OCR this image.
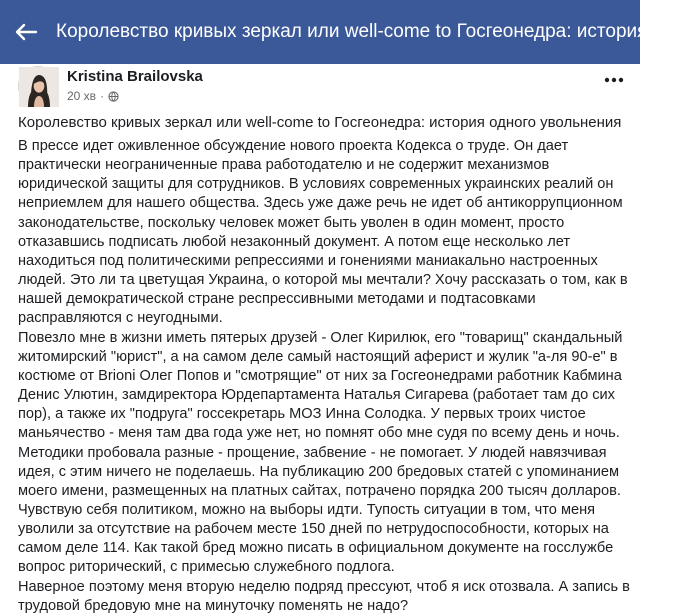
Королевство кривых зеркал или well-come to Госгеонедра: история од...
Kristina Brailovska
20 хв ·
Королевство кривых зеркал или well-come to Госгеонедра: история одного увольнения

В прессе идет оживленное обсуждение нового проекта Кодекса о труде. Он дает практически неограниченные права работодателю и не содержит механизмов юридической защиты для сотрудников. В условиях современных украинских реалий он неприемлем для нашего общества. Здесь уже даже речь не идет об антикоррупционном законодательстве, поскольку человек может быть уволен в один момент, просто отказавшись подписать любой незаконный документ. А потом еще несколько лет находиться под политическими репрессиями и гонениями маниакально настроенных людей. Это ли та цветущая Украина, о которой мы мечтали? Хочу рассказать о том, как в нашей демократической стране респрессивными методами и подтасовками расправляются с неугодными.

Повезло мне в жизни иметь пятерых друзей - Олег Кирилюк, его "товарищ" скандальный житомирский "юрист", а на самом деле самый настоящий аферист и жулик "а-ля 90-е" в костюме от Brioni Олег Попов и "смотрящие" от них за Госгеонедрами работник Кабмина Денис Улютин, замдиректора Юрдепартамента Наталья Сигарева (работает там до сих пор), а также их "подруга" госсекретарь МОЗ Инна Солодка. У первых троих чистое маньячество - меня там два года уже нет, но помнят обо мне судя по всему день и ночь. Методики пробовала разные - прощение, забвение - не помогает. У людей навязчивая идея, с этим ничего не поделаешь. На публикацию 200 бредовых статей с упоминанием моего имени, размещенных на платных сайтах, потрачено порядка 200 тысяч долларов. Чувствую себя политиком, можно на выборы идти. Тупость ситуации в том, что меня уволили за отсутствие на рабочем месте 150 дней по нетрудоспособности, которых на самом деле 114. Как такой бред можно писать в официальном документе на госслужбе вопрос риторический, с примесью служебного подлога.

Наверное поэтому меня вторую неделю подряд прессуют, чтоб я иск отозвала. А запись в трудовой бредовую мне на минуточку поменять не надо?
